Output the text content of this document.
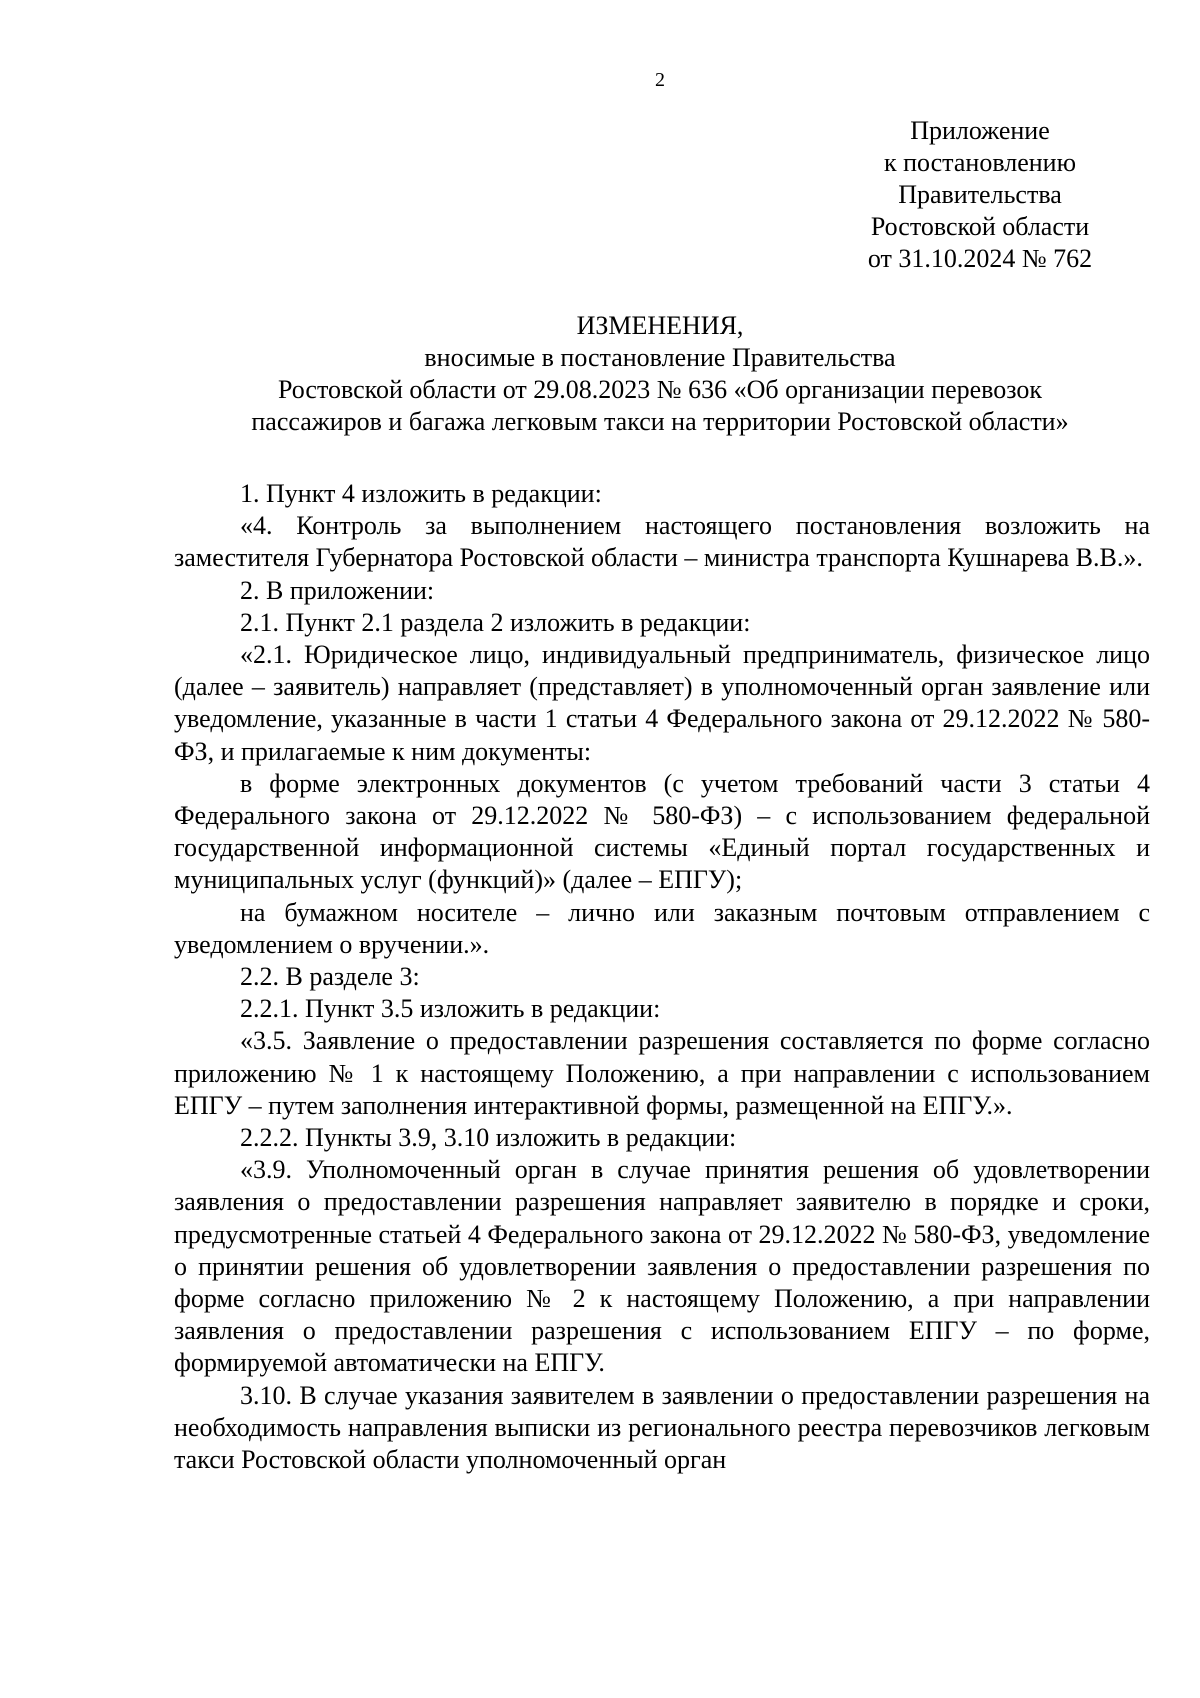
2
Приложение
к постановлению
Правительства
Ростовской области
от 31.10.2024 № 762
ИЗМЕНЕНИЯ,
вносимые в постановление Правительства
Ростовской области от 29.08.2023 № 636 «Об организации перевозок
пассажиров и багажа легковым такси на территории Ростовской области»

1. Пункт 4 изложить в редакции:

«4. Контроль за выполнением настоящего постановления возложить на заместителя Губернатора Ростовской области – министра транспорта Кушнарева В.В.».

2. В приложении:

2.1. Пункт 2.1 раздела 2 изложить в редакции:

«2.1. Юридическое лицо, индивидуальный предприниматель, физическое лицо (далее – заявитель) направляет (представляет) в уполномоченный орган заявление или уведомление, указанные в части 1 статьи 4 Федерального закона от 29.12.2022 № 580-ФЗ, и прилагаемые к ним документы:

в форме электронных документов (с учетом требований части 3 статьи 4 Федерального закона от 29.12.2022 № 580-ФЗ) – с использованием федеральной государственной информационной системы «Единый портал государственных и муниципальных услуг (функций)» (далее – ЕПГУ);

на бумажном носителе – лично или заказным почтовым отправлением с уведомлением о вручении.».

2.2. В разделе 3:

2.2.1. Пункт 3.5 изложить в редакции:

«3.5. Заявление о предоставлении разрешения составляется по форме согласно приложению № 1 к настоящему Положению, а при направлении с использованием ЕПГУ – путем заполнения интерактивной формы, размещенной на ЕПГУ.».

2.2.2. Пункты 3.9, 3.10 изложить в редакции:

«3.9. Уполномоченный орган в случае принятия решения об удовлетворении заявления о предоставлении разрешения направляет заявителю в порядке и сроки, предусмотренные статьей 4 Федерального закона от 29.12.2022 № 580-ФЗ, уведомление о принятии решения об удовлетворении заявления о предоставлении разрешения по форме согласно приложению № 2 к настоящему Положению, а при направлении заявления о предоставлении разрешения с использованием ЕПГУ – по форме, формируемой автоматически на ЕПГУ.

3.10. В случае указания заявителем в заявлении о предоставлении разрешения на необходимость направления выписки из регионального реестра перевозчиков легковым такси Ростовской области уполномоченный орган
